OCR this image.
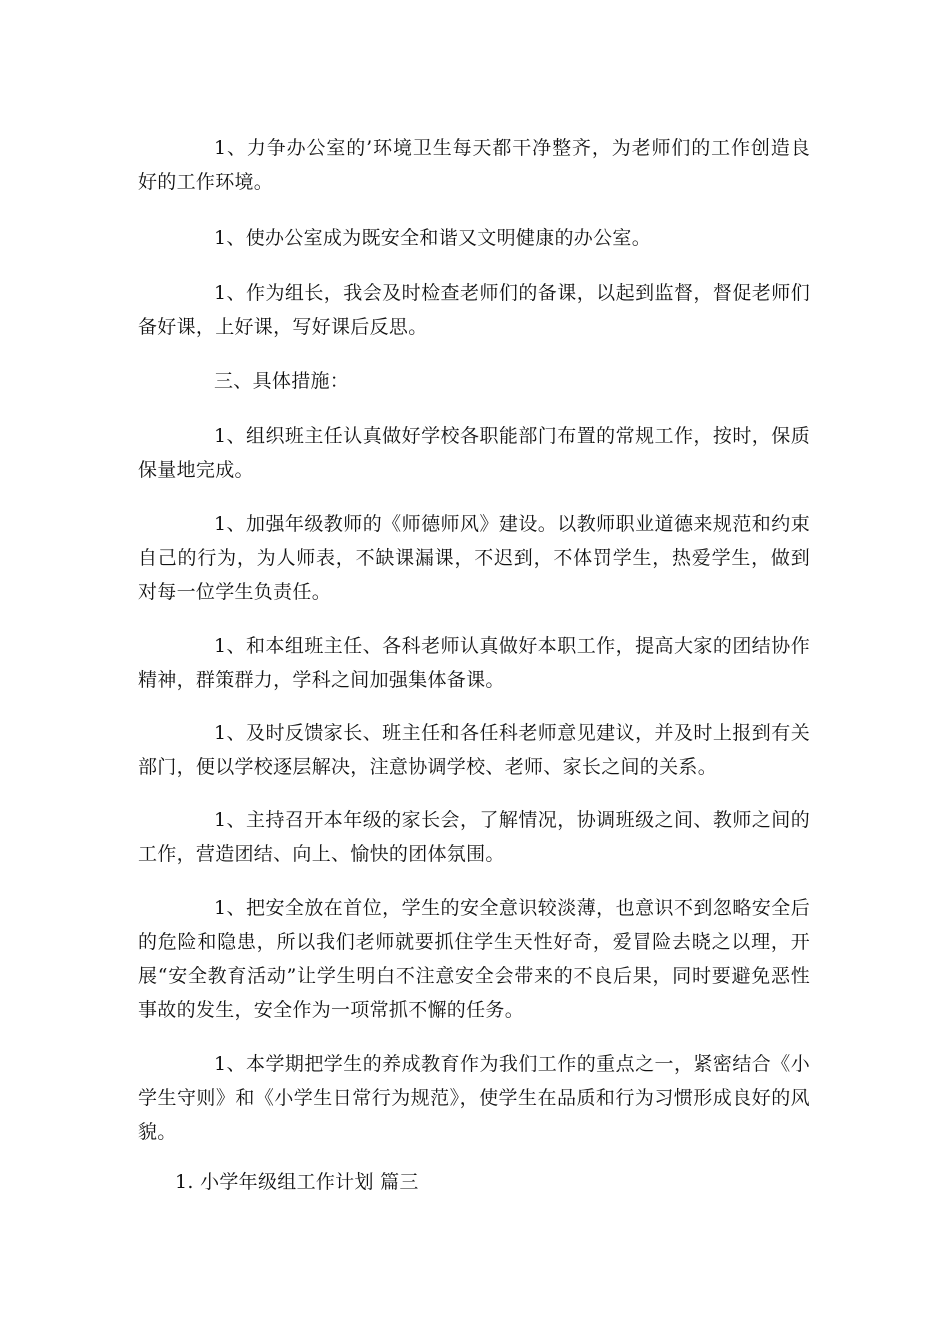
1、力争办公室的’环境卫生每天都干净整齐，为老师们的工作创造良好的工作环境。

1、使办公室成为既安全和谐又文明健康的办公室。

1、作为组长，我会及时检查老师们的备课，以起到监督，督促老师们备好课，上好课，写好课后反思。

三、具体措施：

1、组织班主任认真做好学校各职能部门布置的常规工作，按时，保质保量地完成。

1、加强年级教师的《师德师风》建设。以教师职业道德来规范和约束自己的行为，为人师表，不缺课漏课，不迟到，不体罚学生，热爱学生，做到对每一位学生负责任。

1、和本组班主任、各科老师认真做好本职工作，提高大家的团结协作精神，群策群力，学科之间加强集体备课。

1、及时反馈家长、班主任和各任科老师意见建议，并及时上报到有关部门，便以学校逐层解决，注意协调学校、老师、家长之间的关系。

1、主持召开本年级的家长会，了解情况，协调班级之间、教师之间的工作，营造团结、向上、愉快的团体氛围。

1、把安全放在首位，学生的安全意识较淡薄，也意识不到忽略安全后的危险和隐患，所以我们老师就要抓住学生天性好奇，爱冒险去晓之以理，开展“安全教育活动”让学生明白不注意安全会带来的不良后果，同时要避免恶性事故的发生，安全作为一项常抓不懈的任务。

1、本学期把学生的养成教育作为我们工作的重点之一，紧密结合《小学生守则》和《小学生日常行为规范》，使学生在品质和行为习惯形成良好的风貌。

1. 小学年级组工作计划 篇三
